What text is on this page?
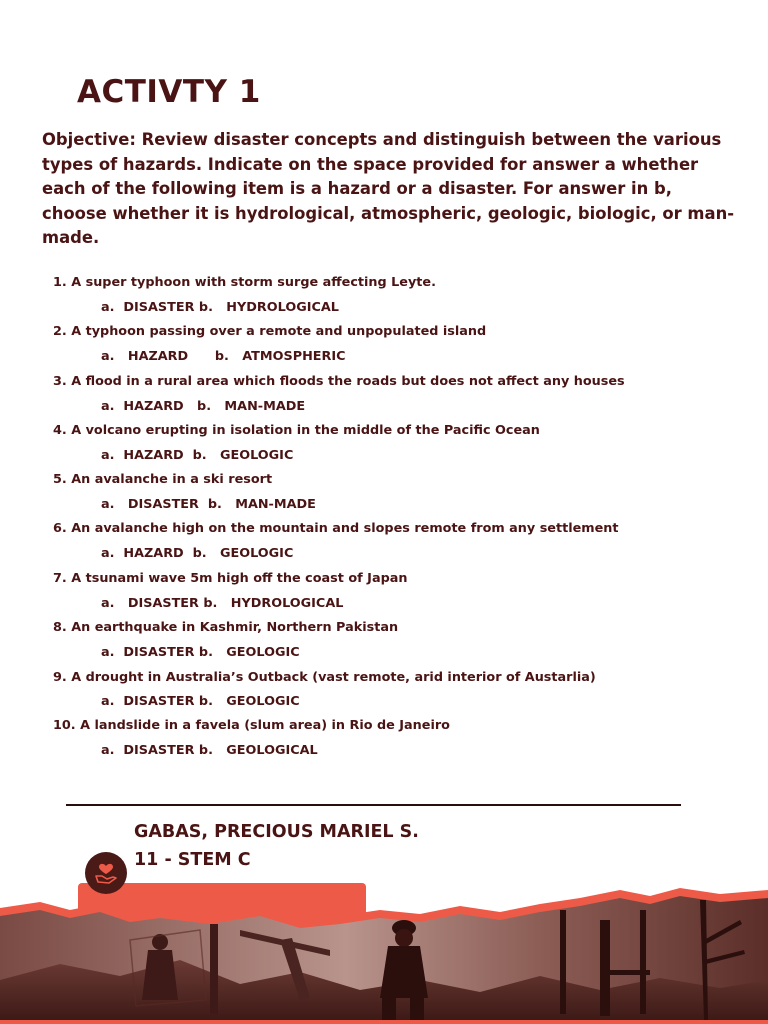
ACTIVTY 1
Objective: Review disaster concepts and distinguish between the various types of hazards. Indicate on the space provided for answer a whether each of the following item is a hazard or a disaster. For answer in b, choose whether it is hydrological, atmospheric, geologic, biologic, or man-made.
1. A super typhoon with storm surge affecting Leyte.
a.  DISASTER b.   HYDROLOGICAL
2. A typhoon passing over a remote and unpopulated island
a.   HAZARD      b.   ATMOSPHERIC
3. A flood in a rural area which floods the roads but does not affect any houses
a.  HAZARD   b.   MAN-MADE
4. A volcano erupting in isolation in the middle of the Pacific Ocean
a.  HAZARD  b.   GEOLOGIC
5. An avalanche in a ski resort
a.   DISASTER  b.   MAN-MADE
6. An avalanche high on the mountain and slopes remote from any settlement
a.  HAZARD  b.   GEOLOGIC
7. A tsunami wave 5m high off the coast of Japan
a.   DISASTER b.   HYDROLOGICAL
8. An earthquake in Kashmir, Northern Pakistan
a.  DISASTER b.   GEOLOGIC
9. A drought in Australia’s Outback (vast remote, arid interior of Austarlia)
a.  DISASTER b.   GEOLOGIC
10. A landslide in a favela (slum area) in Rio de Janeiro
a.  DISASTER b.   GEOLOGICAL
GABAS, PRECIOUS MARIEL S.
11 - STEM C
